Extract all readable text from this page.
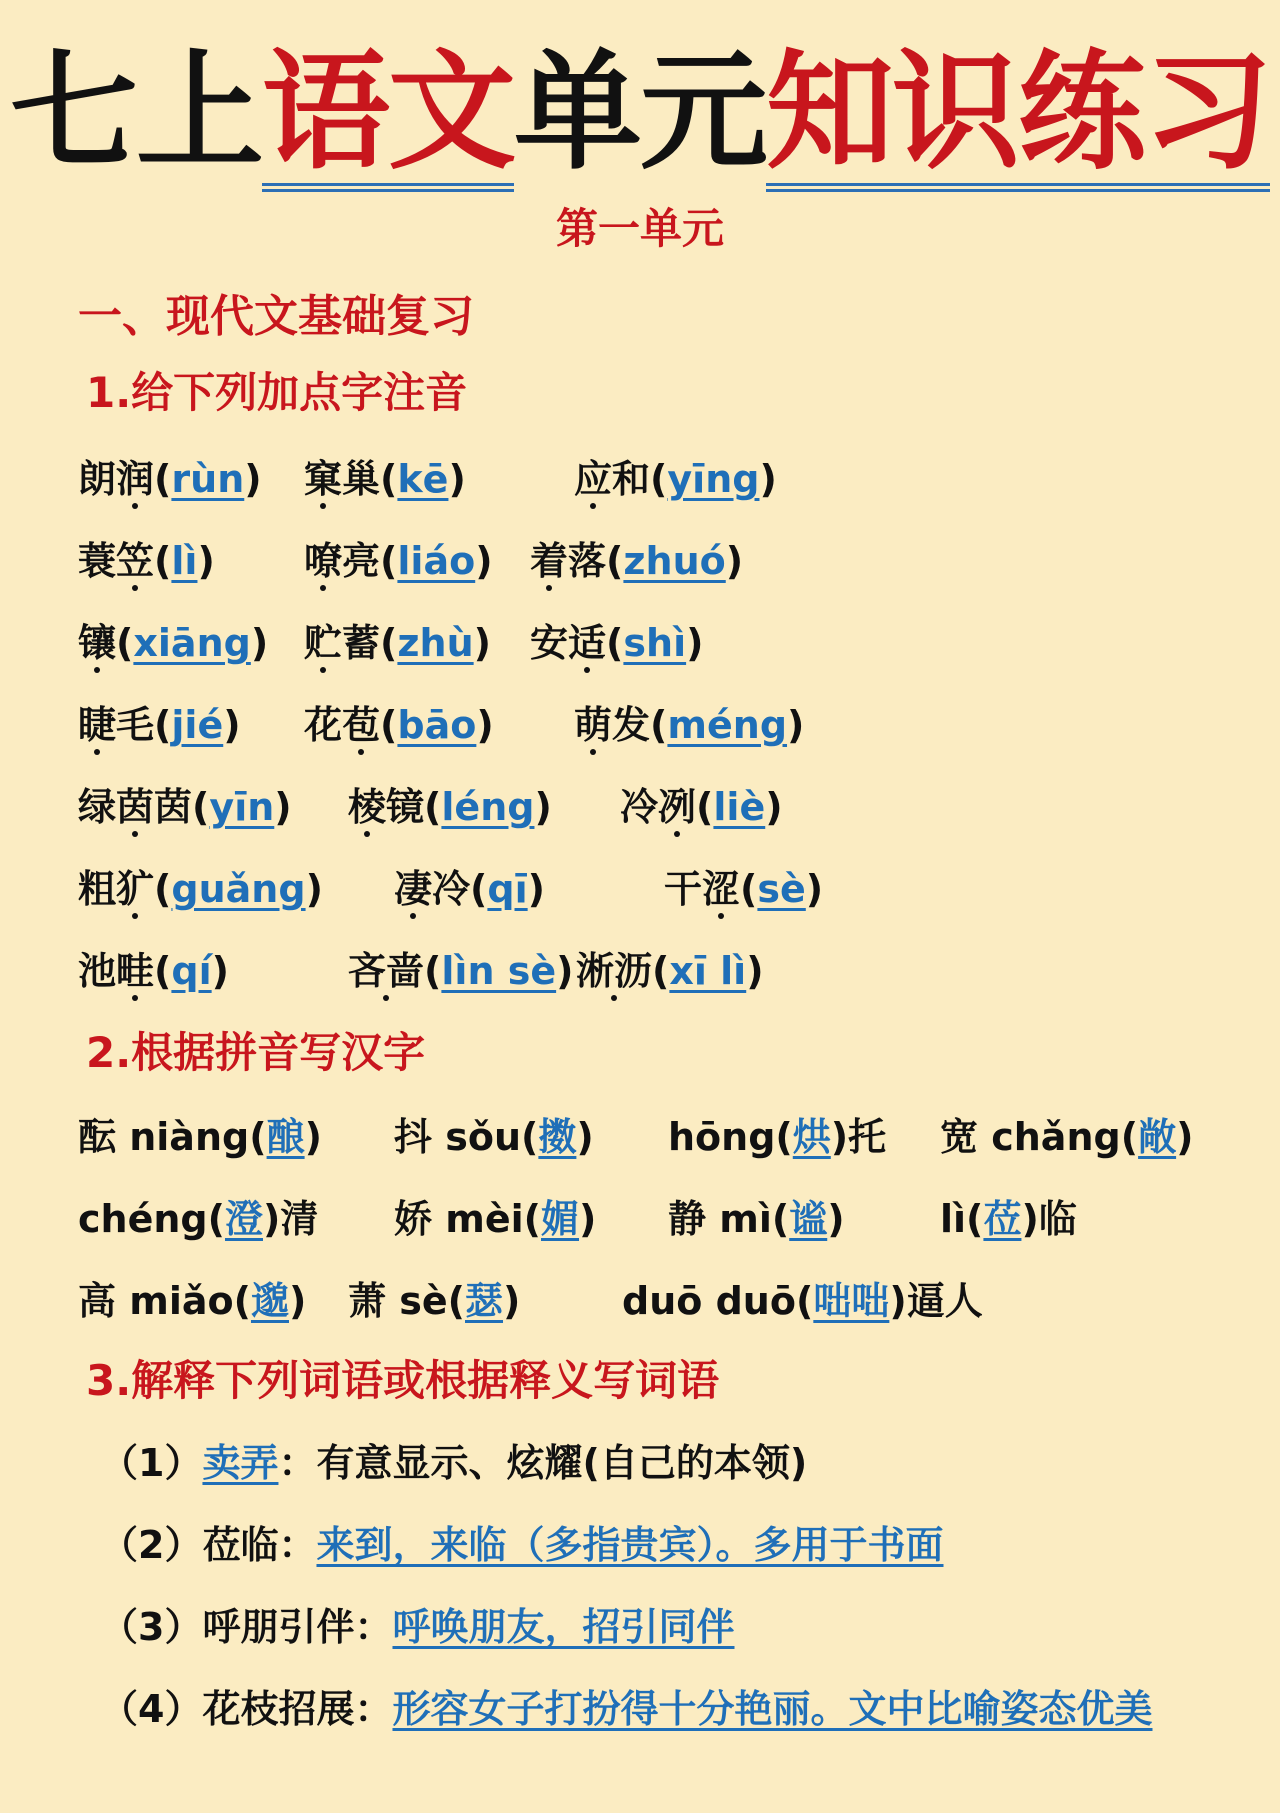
七上语文单元知识练习
第一单元
一、现代文基础复习
1.给下列加点字注音
2.根据拼音写汉字
3.解释下列词语或根据释义写词语
朗润(rùn) 窠巢(kē)	应和(yīng)
蓑笠(lì) 嘹亮(liáo) 着落(zhuó)
镶(xiāng) 贮蓄(zhù) 安适(shì)
睫毛(jié) 花苞(bāo) 萌发(méng)
绿茵茵(yīn) 棱镜(léng) 冷冽(liè)
粗犷(guǎng) 凄冷(qī)	干涩(sè)
池畦(qí)	吝啬(lìn sè) 淅沥(xī lì)
酝 niàng(酿) 抖 sǒu(擞) hōng(烘)托 宽 chǎng(敞)
chéng(澄)清 娇 mèi(媚) 静 mì(谧)	lì(莅)临
高 miǎo(邈) 萧 sè(瑟)	duō duō(咄咄)逼人
（1）卖弄：有意显示、炫耀(自己的本领)
（2）莅临：来到，来临（多指贵宾）。多用于书面
（3）呼朋引伴：呼唤朋友，招引同伴
（4）花枝招展：形容女子打扮得十分艳丽。文中比喻姿态优美
